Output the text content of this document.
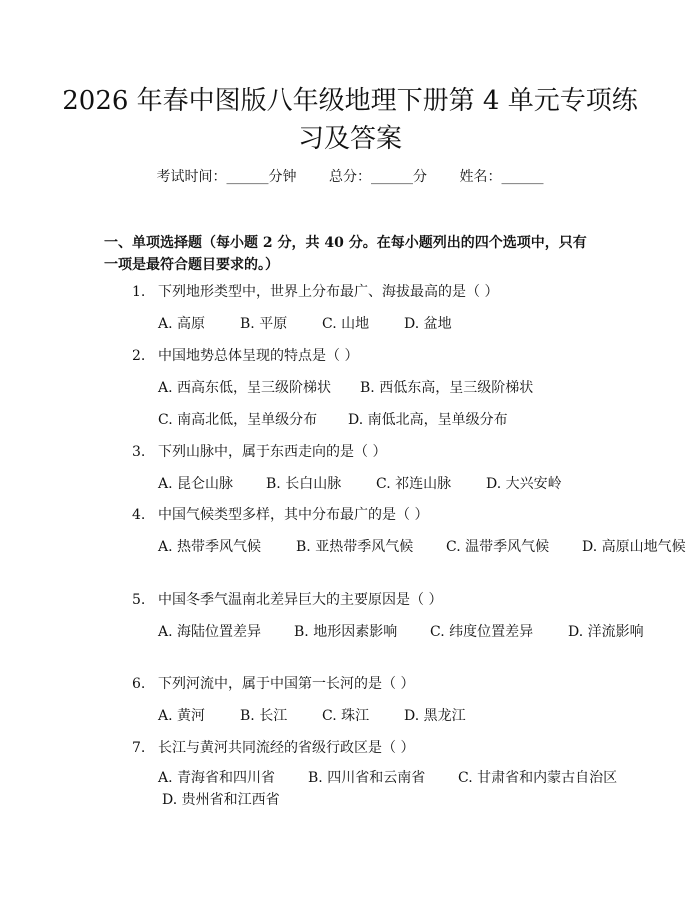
2026 年春中图版八年级地理下册第 4 单元专项练习及答案
考试时间：______分钟 总分：______分 姓名：______
一、单项选择题（每小题 2 分，共 40 分。在每小题列出的四个选项中，只有一项是最符合题目要求的。）
1. 下列地形类型中，世界上分布最广、海拔最高的是（ ）
A. 高原 B. 平原 C. 山地 D. 盆地
2. 中国地势总体呈现的特点是（ ）
A. 西高东低，呈三级阶梯状 B. 西低东高，呈三级阶梯状
C. 南高北低，呈单级分布 D. 南低北高，呈单级分布
3. 下列山脉中，属于东西走向的是（ ）
A. 昆仑山脉 B. 长白山脉 C. 祁连山脉 D. 大兴安岭
4. 中国气候类型多样，其中分布最广的是（ ）
A. 热带季风气候 B. 亚热带季风气候 C. 温带季风气候 D. 高原山地气候
5. 中国冬季气温南北差异巨大的主要原因是（ ）
A. 海陆位置差异 B. 地形因素影响 C. 纬度位置差异 D. 洋流影响
6. 下列河流中，属于中国第一长河的是（ ）
A. 黄河 B. 长江 C. 珠江 D. 黑龙江
7. 长江与黄河共同流经的省级行政区是（ ）
A. 青海省和四川省 B. 四川省和云南省 C. 甘肃省和内蒙古自治区
D. 贵州省和江西省
